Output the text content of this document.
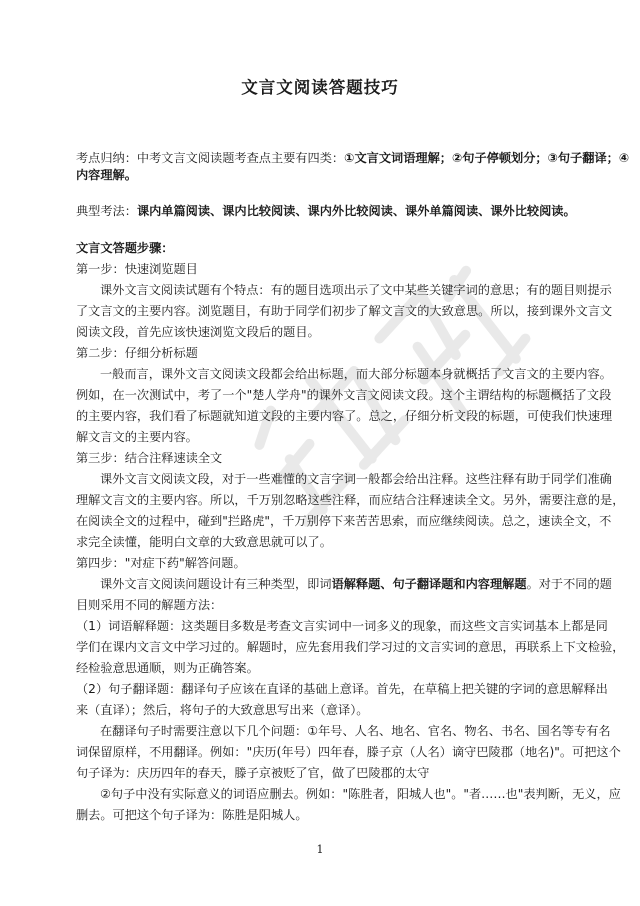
文言文阅读答题技巧
考点归纳：中考文言文阅读题考查点主要有四类：①文言文词语理解；②句子停顿划分；③句子翻译；④
内容理解。
典型考法：课内单篇阅读、课内比较阅读、课内外比较阅读、课外单篇阅读、课外比较阅读。
文言文答题步骤：
第一步：快速浏览题目
课外文言文阅读试题有个特点：有的题目选项出示了文中某些关键字词的意思；有的题目则提示
了文言文的主要内容。浏览题目，有助于同学们初步了解文言文的大致意思。所以，接到课外文言文
阅读文段，首先应该快速浏览文段后的题目。
第二步：仔细分析标题
一般而言，课外文言文阅读文段都会给出标题，而大部分标题本身就概括了文言文的主要内容。
例如，在一次测试中，考了一个"楚人学舟"的课外文言文阅读文段。这个主谓结构的标题概括了文段
的主要内容，我们看了标题就知道文段的主要内容了。总之，仔细分析文段的标题，可使我们快速理
解文言文的主要内容。
第三步：结合注释速读全文
课外文言文阅读文段，对于一些难懂的文言字词一般都会给出注释。这些注释有助于同学们准确
理解文言文的主要内容。所以，千万别忽略这些注释，而应结合注释速读全文。另外，需要注意的是，
在阅读全文的过程中，碰到"拦路虎"，千万别停下来苦苦思索，而应继续阅读。总之，速读全文，不
求完全读懂，能明白文章的大致意思就可以了。
第四步："对症下药"解答问题。
课外文言文阅读问题设计有三种类型，即词语解释题、句子翻译题和内容理解题。对于不同的题
目则采用不同的解题方法：
（1）词语解释题：这类题目多数是考查文言实词中一词多义的现象，而这些文言实词基本上都是同
学们在课内文言文中学习过的。解题时，应先套用我们学习过的文言实词的意思，再联系上下文检验，
经检验意思通顺，则为正确答案。
（2）句子翻译题：翻译句子应该在直译的基础上意译。首先，在草稿上把关键的字词的意思解释出
来（直译）；然后，将句子的大致意思写出来（意译）。
在翻译句子时需要注意以下几个问题：①年号、人名、地名、官名、物名、书名、国名等专有名
词保留原样，不用翻译。例如："庆历(年号）四年春，滕子京（人名）谪守巴陵郡（地名)"。可把这个
句子译为：庆历四年的春天，滕子京被贬了官，做了巴陵郡的太守
②句子中没有实际意义的词语应删去。例如："陈胜者，阳城人也"。"者……也"表判断，无义，应
删去。可把这个句子译为：陈胜是阳城人。
1
